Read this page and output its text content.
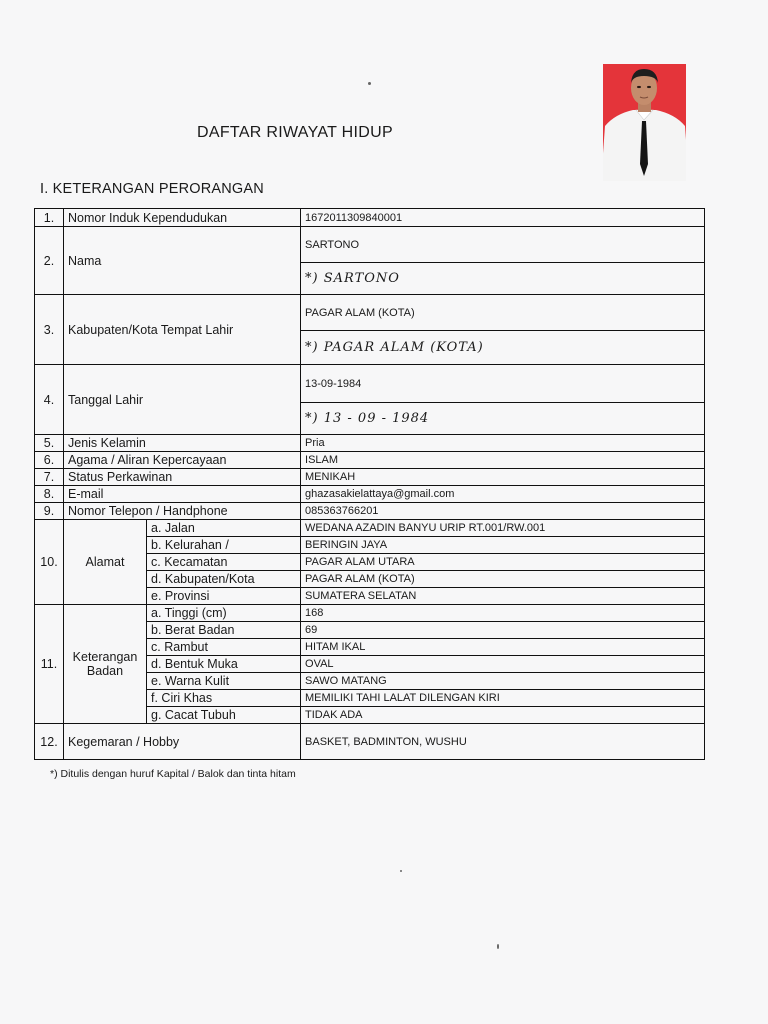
DAFTAR RIWAYAT HIDUP
I. KETERANGAN PERORANGAN
1.	Nomor Induk Kependudukan		1672011309840001
2.	Nama		SARTONO
			*) SARTONO
3.	Kabupaten/Kota Tempat Lahir		PAGAR ALAM (KOTA)
			*) PAGAR ALAM (KOTA)
4.	Tanggal Lahir		13-09-1984
			*) 13 - 09 - 1984
5.	Jenis Kelamin		Pria
6.	Agama / Aliran Kepercayaan		ISLAM
7.	Status Perkawinan		MENIKAH
8.	E-mail		ghazasakielattaya@gmail.com
9.	Nomor Telepon / Handphone		085363766201
10.	Alamat	a. Jalan	WEDANA AZADIN BANYU URIP RT.001/RW.001
		b. Kelurahan /	BERINGIN JAYA
		c. Kecamatan	PAGAR ALAM UTARA
		d. Kabupaten/Kota	PAGAR ALAM (KOTA)
		e. Provinsi	SUMATERA SELATAN
11.	Keterangan Badan	a. Tinggi (cm)	168
		b. Berat Badan	69
		c. Rambut	HITAM IKAL
		d. Bentuk Muka	OVAL
		e. Warna Kulit	SAWO MATANG
		f. Ciri Khas	MEMILIKI TAHI LALAT DILENGAN KIRI
		g. Cacat Tubuh	TIDAK ADA
12.	Kegemaran / Hobby		BASKET, BADMINTON, WUSHU
*) Ditulis dengan huruf Kapital / Balok dan tinta hitam
